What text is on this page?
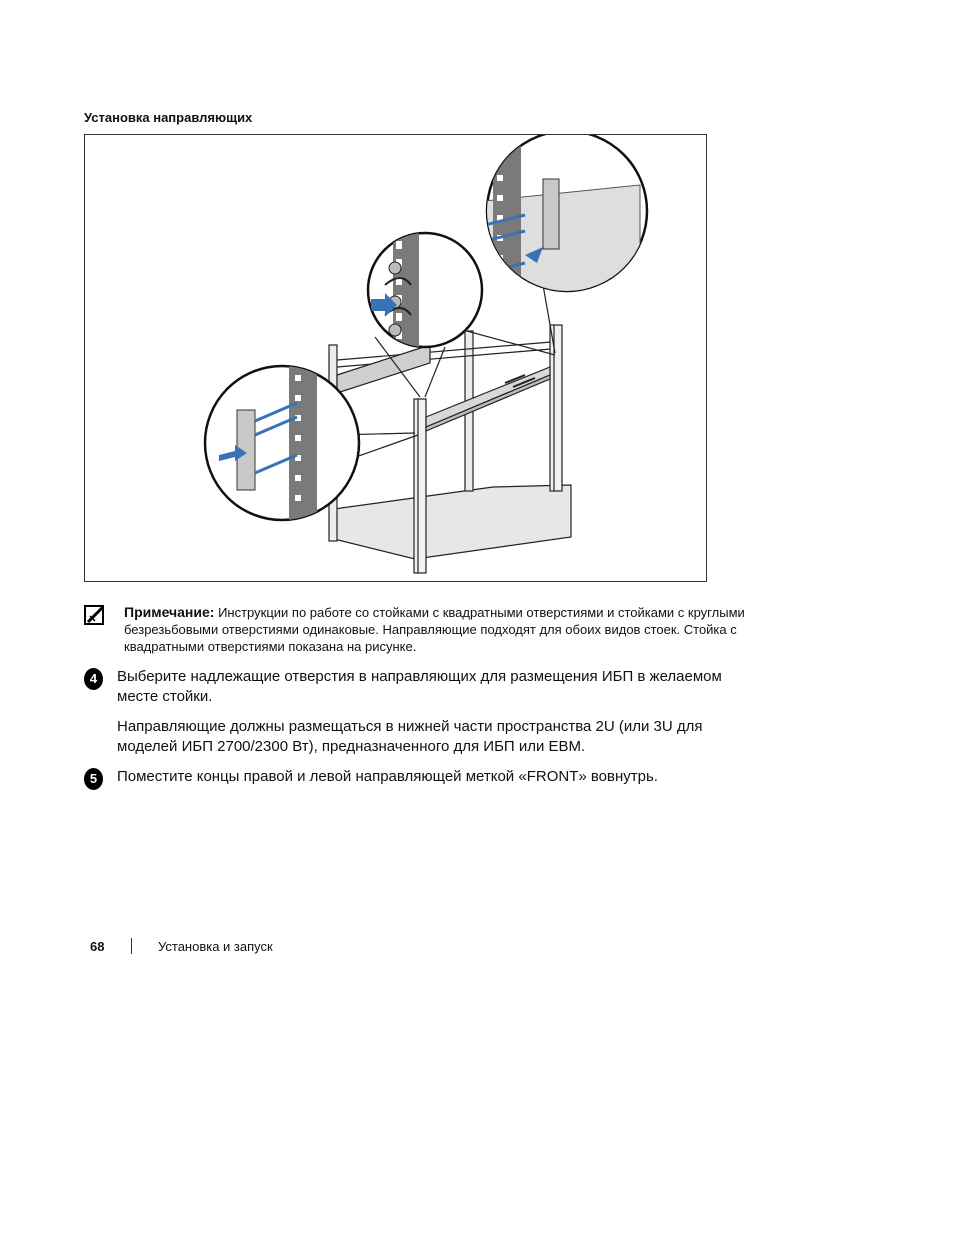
Установка направляющих
Примечание: Инструкции по работе со стойками с квадратными отверстиями и стойками с круглыми безрезьбовыми отверстиями одинаковые. Направляющие подходят для обоих видов стоек. Стойка с квадратными отверстиями показана на рисунке.
4	Выберите надлежащие отверстия в направляющих для размещения ИБП в желаемом месте стойки.

Направляющие должны размещаться в нижней части пространства 2U (или 3U для моделей ИБП 2700/2300 Вт), предназначенного для ИБП или EBM.

5	Поместите концы правой и левой направляющей меткой «FRONT» вовнутрь.

68	Установка и запуск
